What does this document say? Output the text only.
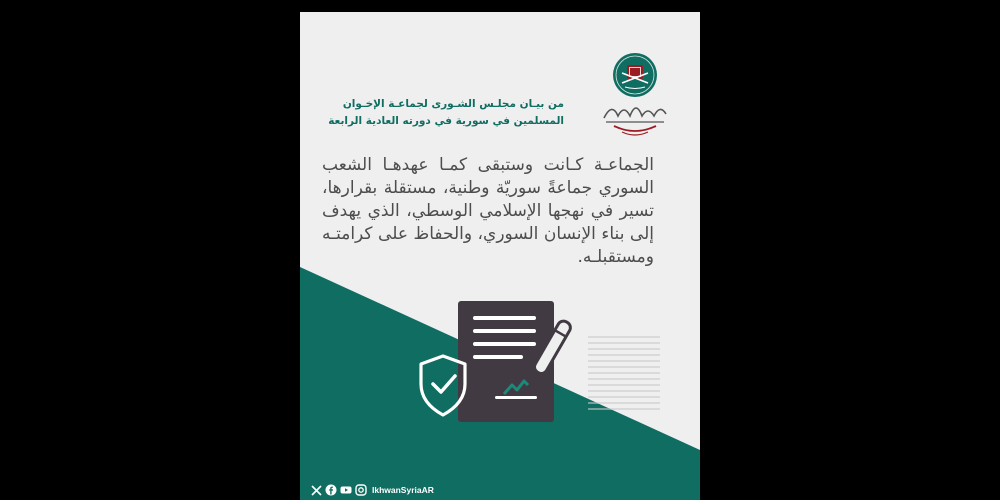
من بيـان مجلـس الشـورى لجماعـة الإخـوان
المسلمين في سورية في دورته العادية الرابعة
الجماعـة كـانت وستبقى كمـا عهدهـا الشعب السوري جماعةً سوريّة وطنية، مستقلة بقرارها، تسير في نهجها الإسلامي الوسطي، الذي يهدف إلى بناء الإنسان السوري، والحفاظ على كرامتـه ومستقبلـه.
IkhwanSyriaAR
